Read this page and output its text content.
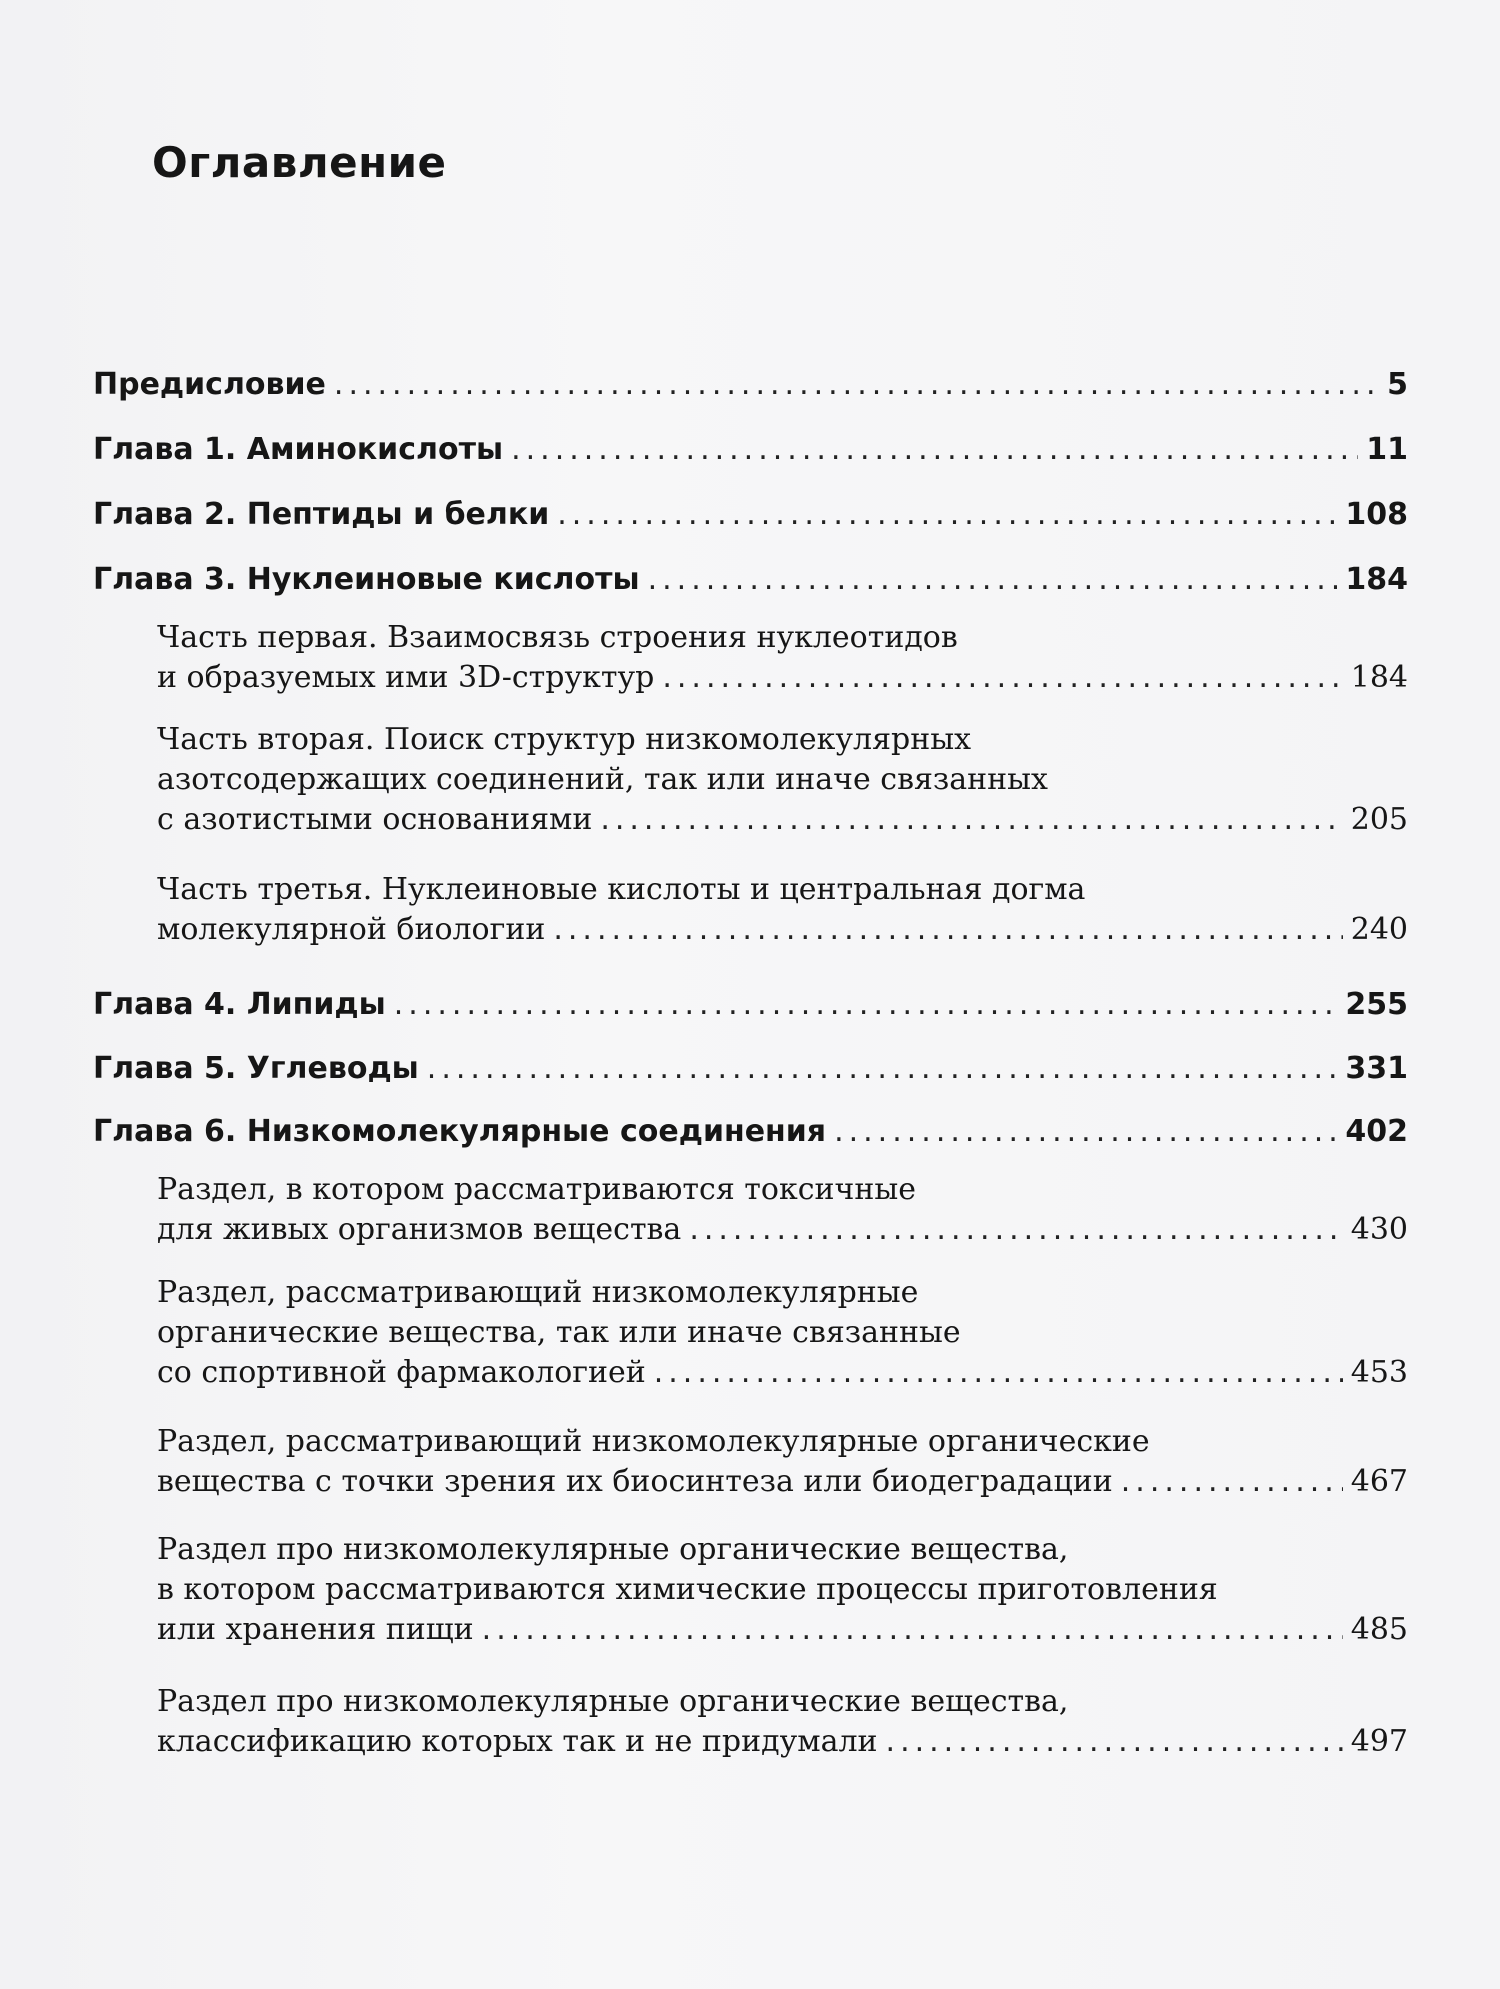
Оглавление
Предисловие .....	5
Глава 1. Аминокислоты .....	11
Глава 2. Пептиды и белки .....	108
Глава 3. Нуклеиновые кислоты .....	184
Часть первая. Взаимосвязь строения нуклеотидов
и образуемых ими 3D-структур .....	184
Часть вторая. Поиск структур низкомолекулярных
азотсодержащих соединений, так или иначе связанных
с азотистыми основаниями .....	205
Часть третья. Нуклеиновые кислоты и центральная догма
молекулярной биологии .....	240
Глава 4. Липиды .....	255
Глава 5. Углеводы .....	331
Глава 6. Низкомолекулярные соединения .....	402
Раздел, в котором рассматриваются токсичные
для живых организмов вещества .....	430
Раздел, рассматривающий низкомолекулярные
органические вещества, так или иначе связанные
со спортивной фармакологией .....	453
Раздел, рассматривающий низкомолекулярные органические
вещества с точки зрения их биосинтеза или биодеградации .....	467
Раздел про низкомолекулярные органические вещества,
в котором рассматриваются химические процессы приготовления
или хранения пищи .....	485
Раздел про низкомолекулярные органические вещества,
классификацию которых так и не придумали .....	497
